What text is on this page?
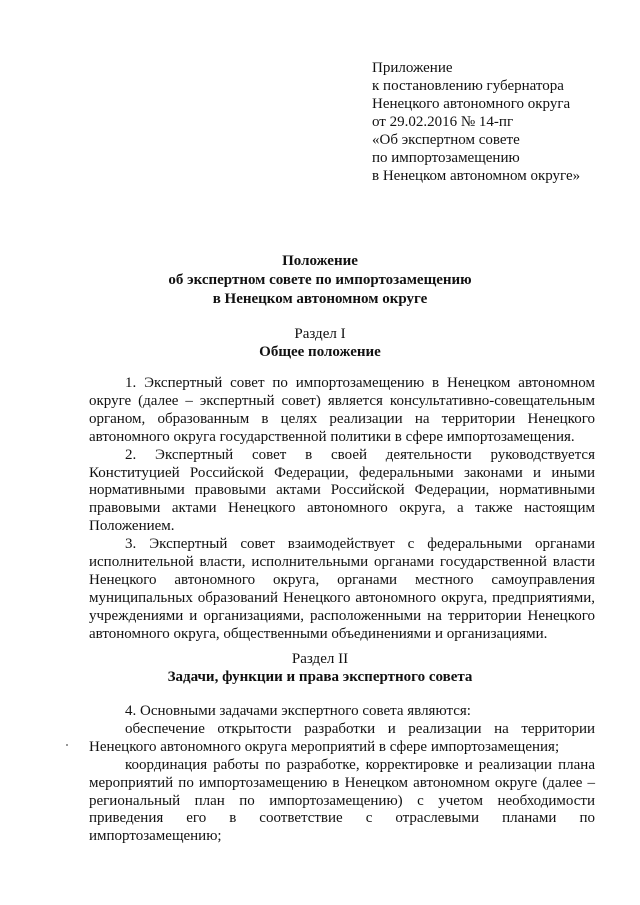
Приложение
к постановлению губернатора
Ненецкого автономного округа
от 29.02.2016 № 14-пг
«Об экспертном совете
по импортозамещению
в Ненецком автономном округе»
Положение
об экспертном совете по импортозамещению
в Ненецком автономном округе
Раздел I
Общее положение

1. Экспертный совет по импортозамещению в Ненецком автономном округе (далее – экспертный совет) является консультативно-совещательным органом, образованным в целях реализации на территории Ненецкого автономного округа государственной политики в сфере импортозамещения.

2. Экспертный совет в своей деятельности руководствуется Конституцией Российской Федерации, федеральными законами и иными нормативными правовыми актами Российской Федерации, нормативными правовыми актами Ненецкого автономного округа, а также настоящим Положением.

3. Экспертный совет взаимодействует с федеральными органами исполнительной власти, исполнительными органами государственной власти Ненецкого автономного округа, органами местного самоуправления муниципальных образований Ненецкого автономного округа, предприятиями, учреждениями и организациями, расположенными на территории Ненецкого автономного округа, общественными объединениями и организациями.

Раздел II
Задачи, функции и права экспертного совета

4. Основными задачами экспертного совета являются:

обеспечение открытости разработки и реализации на территории Ненецкого автономного округа мероприятий в сфере импортозамещения;

координация работы по разработке, корректировке и реализации плана мероприятий по импортозамещению в Ненецком автономном округе (далее – региональный план по импортозамещению) с учетом необходимости приведения его в соответствие с отраслевыми планами по импортозамещению;
